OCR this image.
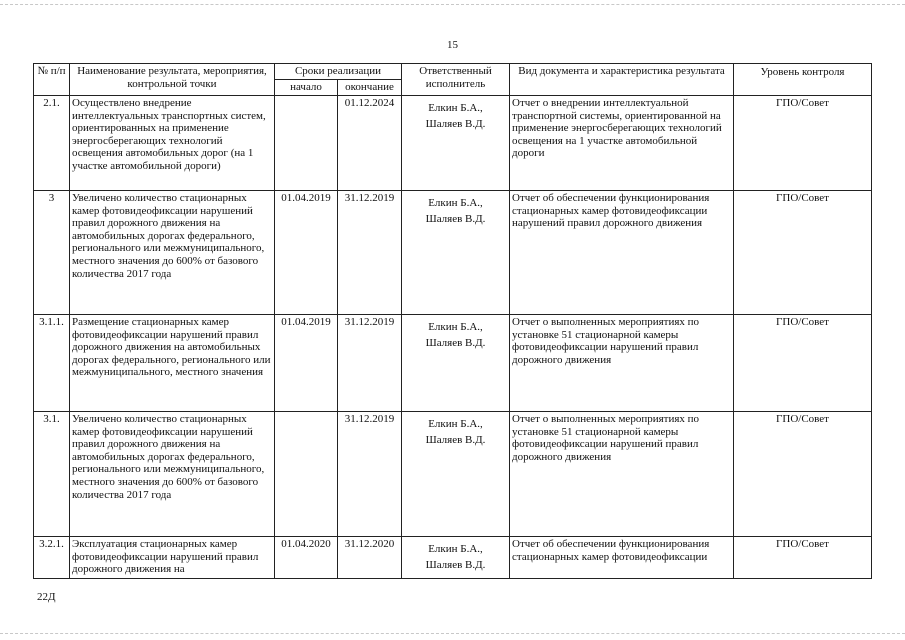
15
№ п/п	Наименование результата, мероприятия, контрольной точки	Сроки реализации		Ответственный исполнитель	Вид документа и характеристика результата	Уровень контроля
		начало	окончание			
2.1.	Осуществлено внедрение интеллектуальных транспортных систем, ориентированных на применение энергосберегающих технологий освещения автомобильных дорог (на 1 участке автомобильной дороги)		01.12.2024	Елкин Б.А.,
Шаляев В.Д.	Отчет о внедрении интеллектуальной транспортной системы, ориентированной на применение энергосберегающих технологий освещения на 1 участке автомобильной дороги	ГПО/Совет
3	Увеличено количество стационарных камер фотовидеофиксации нарушений правил дорожного движения на автомобильных дорогах федерального, регионального или межмуниципального, местного значения до 600% от базового количества 2017 года	01.04.2019	31.12.2019	Елкин Б.А.,
Шаляев В.Д.	Отчет об обеспечении функционирования стационарных камер фотовидеофиксации нарушений правил дорожного движения	ГПО/Совет
3.1.1.	Размещение стационарных камер фотовидеофиксации нарушений правил дорожного движения на автомобильных дорогах федерального, регионального или межмуниципального, местного значения	01.04.2019	31.12.2019	Елкин Б.А.,
Шаляев В.Д.	Отчет о выполненных мероприятиях по установке 51 стационарной камеры фотовидеофиксации нарушений правил дорожного движения	ГПО/Совет
3.1.	Увеличено количество стационарных камер фотовидеофиксации нарушений правил дорожного движения на автомобильных дорогах федерального, регионального или межмуниципального, местного значения до 600% от базового количества 2017 года		31.12.2019	Елкин Б.А.,
Шаляев В.Д.	Отчет о выполненных мероприятиях по установке 51 стационарной камеры фотовидеофиксации нарушений правил дорожного движения	ГПО/Совет
3.2.1.	Эксплуатация стационарных камер фотовидеофиксации нарушений правил дорожного движения на	01.04.2020	31.12.2020	Елкин Б.А.,
Шаляев В.Д.	Отчет об обеспечении функционирования стационарных камер фотовидеофиксации	ГПО/Совет
22Д
